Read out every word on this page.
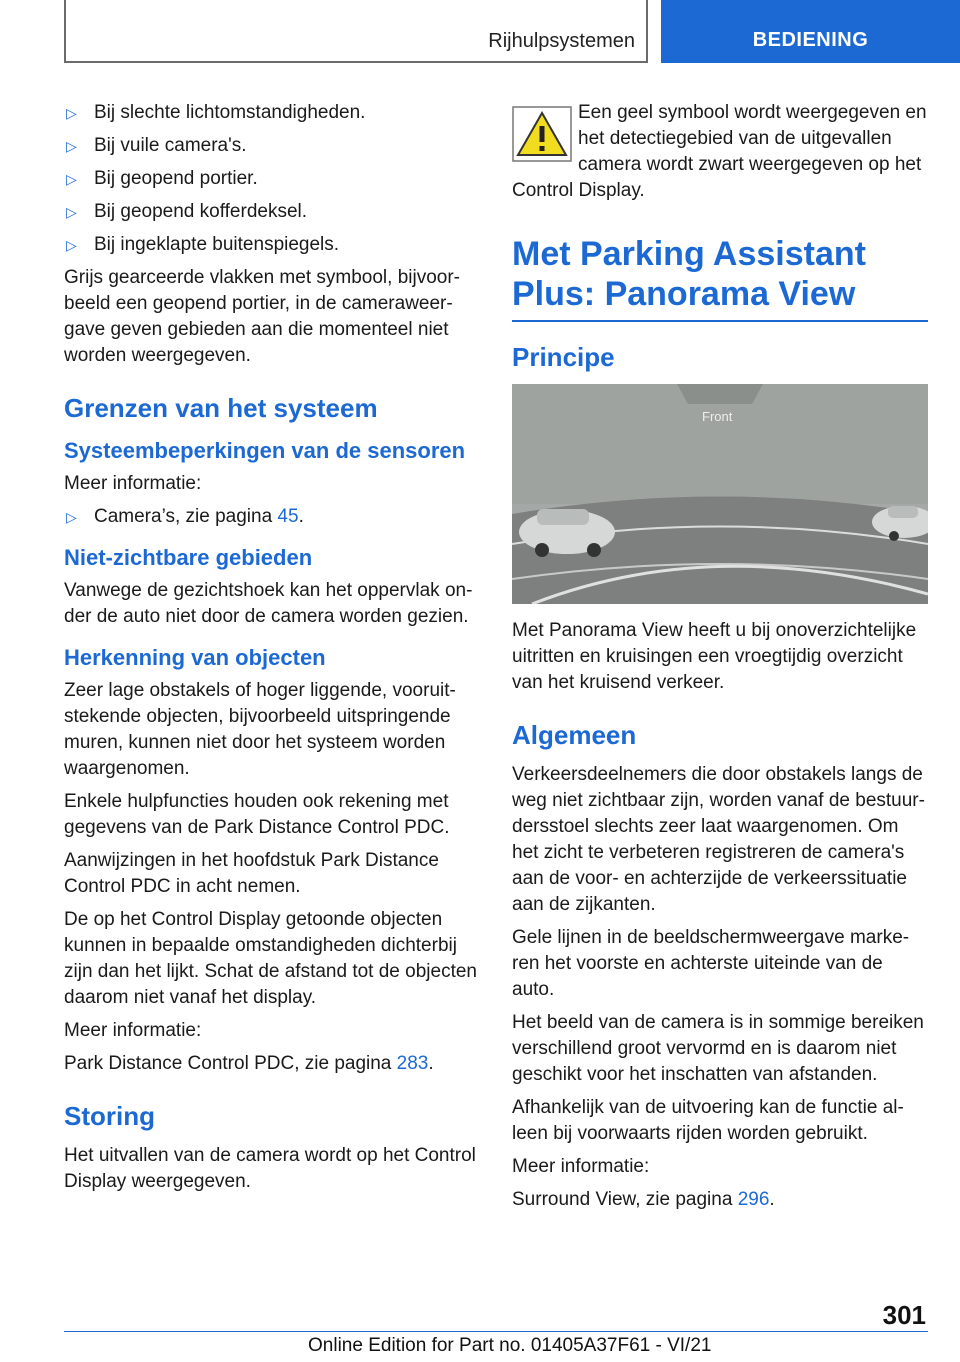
Rijhulpsystemen	BEDIENING
▷ Bij slechte lichtomstandigheden.
▷ Bij vuile camera's.
▷ Bij geopend portier.
▷ Bij geopend kofferdeksel.
▷ Bij ingeklapte buitenspiegels.

Grijs gearceerde vlakken met symbool, bijvoor-beeld een geopend portier, in de cameraweer-gave geven gebieden aan die momenteel niet worden weergegeven.

Grenzen van het systeem
Systeembeperkingen van de sensoren

Meer informatie:

▷ Camera’s, zie pagina 45.
Niet-zichtbare gebieden

Vanwege de gezichtshoek kan het oppervlak on-der de auto niet door de camera worden gezien.

Herkenning van objecten

Zeer lage obstakels of hoger liggende, vooruit-stekende objecten, bijvoorbeeld uitspringende muren, kunnen niet door het systeem worden waargenomen.

Enkele hulpfuncties houden ook rekening met gegevens van de Park Distance Control PDC.

Aanwijzingen in het hoofdstuk Park Distance Control PDC in acht nemen.

De op het Control Display getoonde objecten kunnen in bepaalde omstandigheden dichterbij zijn dan het lijkt. Schat de afstand tot de objecten daarom niet vanaf het display.

Meer informatie:

Park Distance Control PDC, zie pagina 283.

Storing

Het uitvallen van de camera wordt op het Control Display weergegeven.

Een geel symbool wordt weergegeven en het detectiegebied van de uitgevallen camera wordt zwart weergegeven op het Control Display.

Met Parking Assistant Plus: Panorama View
Principe
Front

Met Panorama View heeft u bij onoverzichtelijke uitritten en kruisingen een vroegtijdig overzicht van het kruisend verkeer.

Algemeen

Verkeersdeelnemers die door obstakels langs de weg niet zichtbaar zijn, worden vanaf de bestuur-dersstoel slechts zeer laat waargenomen. Om het zicht te verbeteren registreren de camera's aan de voor- en achterzijde de verkeerssituatie aan de zijkanten.

Gele lijnen in de beeldschermweergave marke-ren het voorste en achterste uiteinde van de auto.

Het beeld van de camera is in sommige bereiken verschillend groot vervormd en is daarom niet geschikt voor het inschatten van afstanden.

Afhankelijk van de uitvoering kan de functie al-leen bij voorwaarts rijden worden gebruikt.

Meer informatie:

Surround View, zie pagina 296.

301
Online Edition for Part no. 01405A37F61 - VI/21
